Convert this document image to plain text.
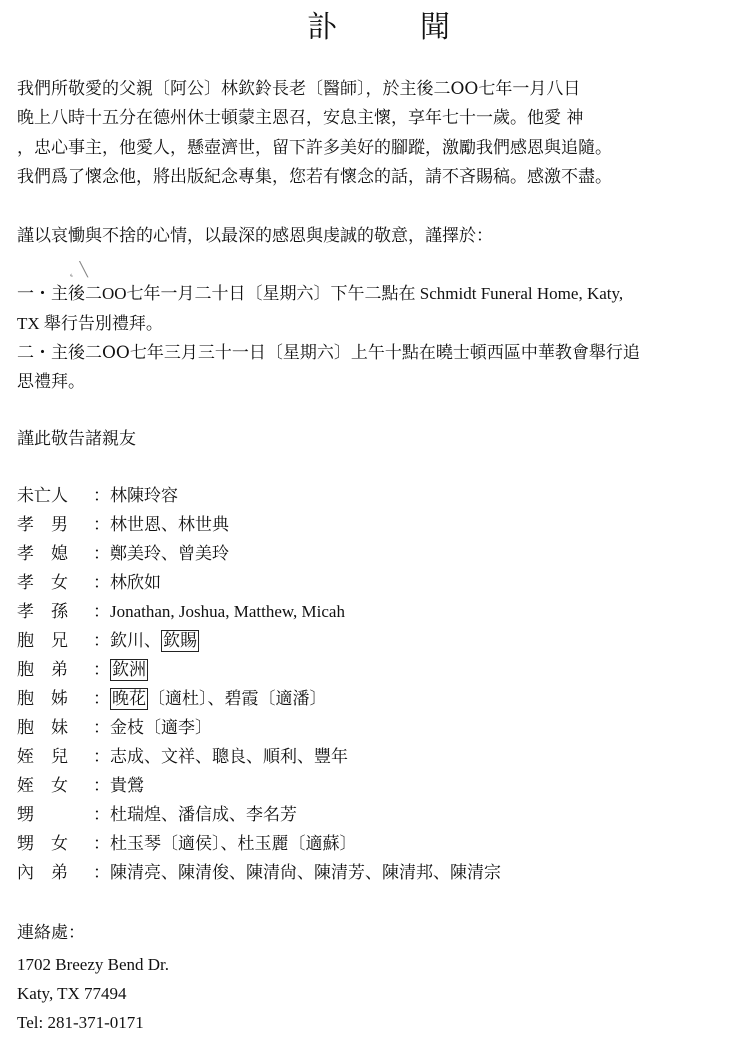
訃	聞
我們所敬愛的父親〔阿公〕林欽鈴長老〔醫師〕，於主後二OO七年一月八日
晚上八時十五分在德州休士頓蒙主恩召，安息主懷，享年七十一歲。他愛 神
，忠心事主，他愛人，懸壺濟世，留下許多美好的腳蹤，激勵我們感恩與追隨。
我們爲了懷念他，將出版紀念專集，您若有懷念的話，請不吝賜稿。感激不盡。
謹以哀慟與不捨的心情，以最深的感恩與虔誠的敬意，謹擇於：
˛ ╲
一・主後二OO七年一月二十日〔星期六〕下午二點在 Schmidt Funeral Home, Katy,
TX 舉行告別禮拜。
二・主後二OO七年三月三十一日〔星期六〕上午十點在曉士頓西區中華教會舉行追
思禮拜。
謹此敬告諸親友
未亡人 ：林陳玲容
孝　男 ：林世恩、林世典
孝　媳 ：鄭美玲、曾美玲
孝　女 ：林欣如
孝　孫 ：Jonathan, Joshua, Matthew, Micah
胞　兄 ：欽川、 欽賜
胞　弟 ： 欽洲
胞　姊 ： 晚花 〔適杜〕、碧霞〔適潘〕
胞　妹 ：金枝〔適李〕
姪　兒 ：志成、文祥、聰良、順利、豐年
姪　女 ：貴鶯
甥	：杜瑞煌、潘信成、李名芳
甥　女 ：杜玉琴〔適侯〕、杜玉麗〔適蘇〕
內　弟 ：陳清亮、陳清俊、陳清尙、陳清芳、陳清邦、陳清宗
連絡處：
1702 Breezy Bend Dr.
Katy, TX 77494
Tel: 281-371-0171
